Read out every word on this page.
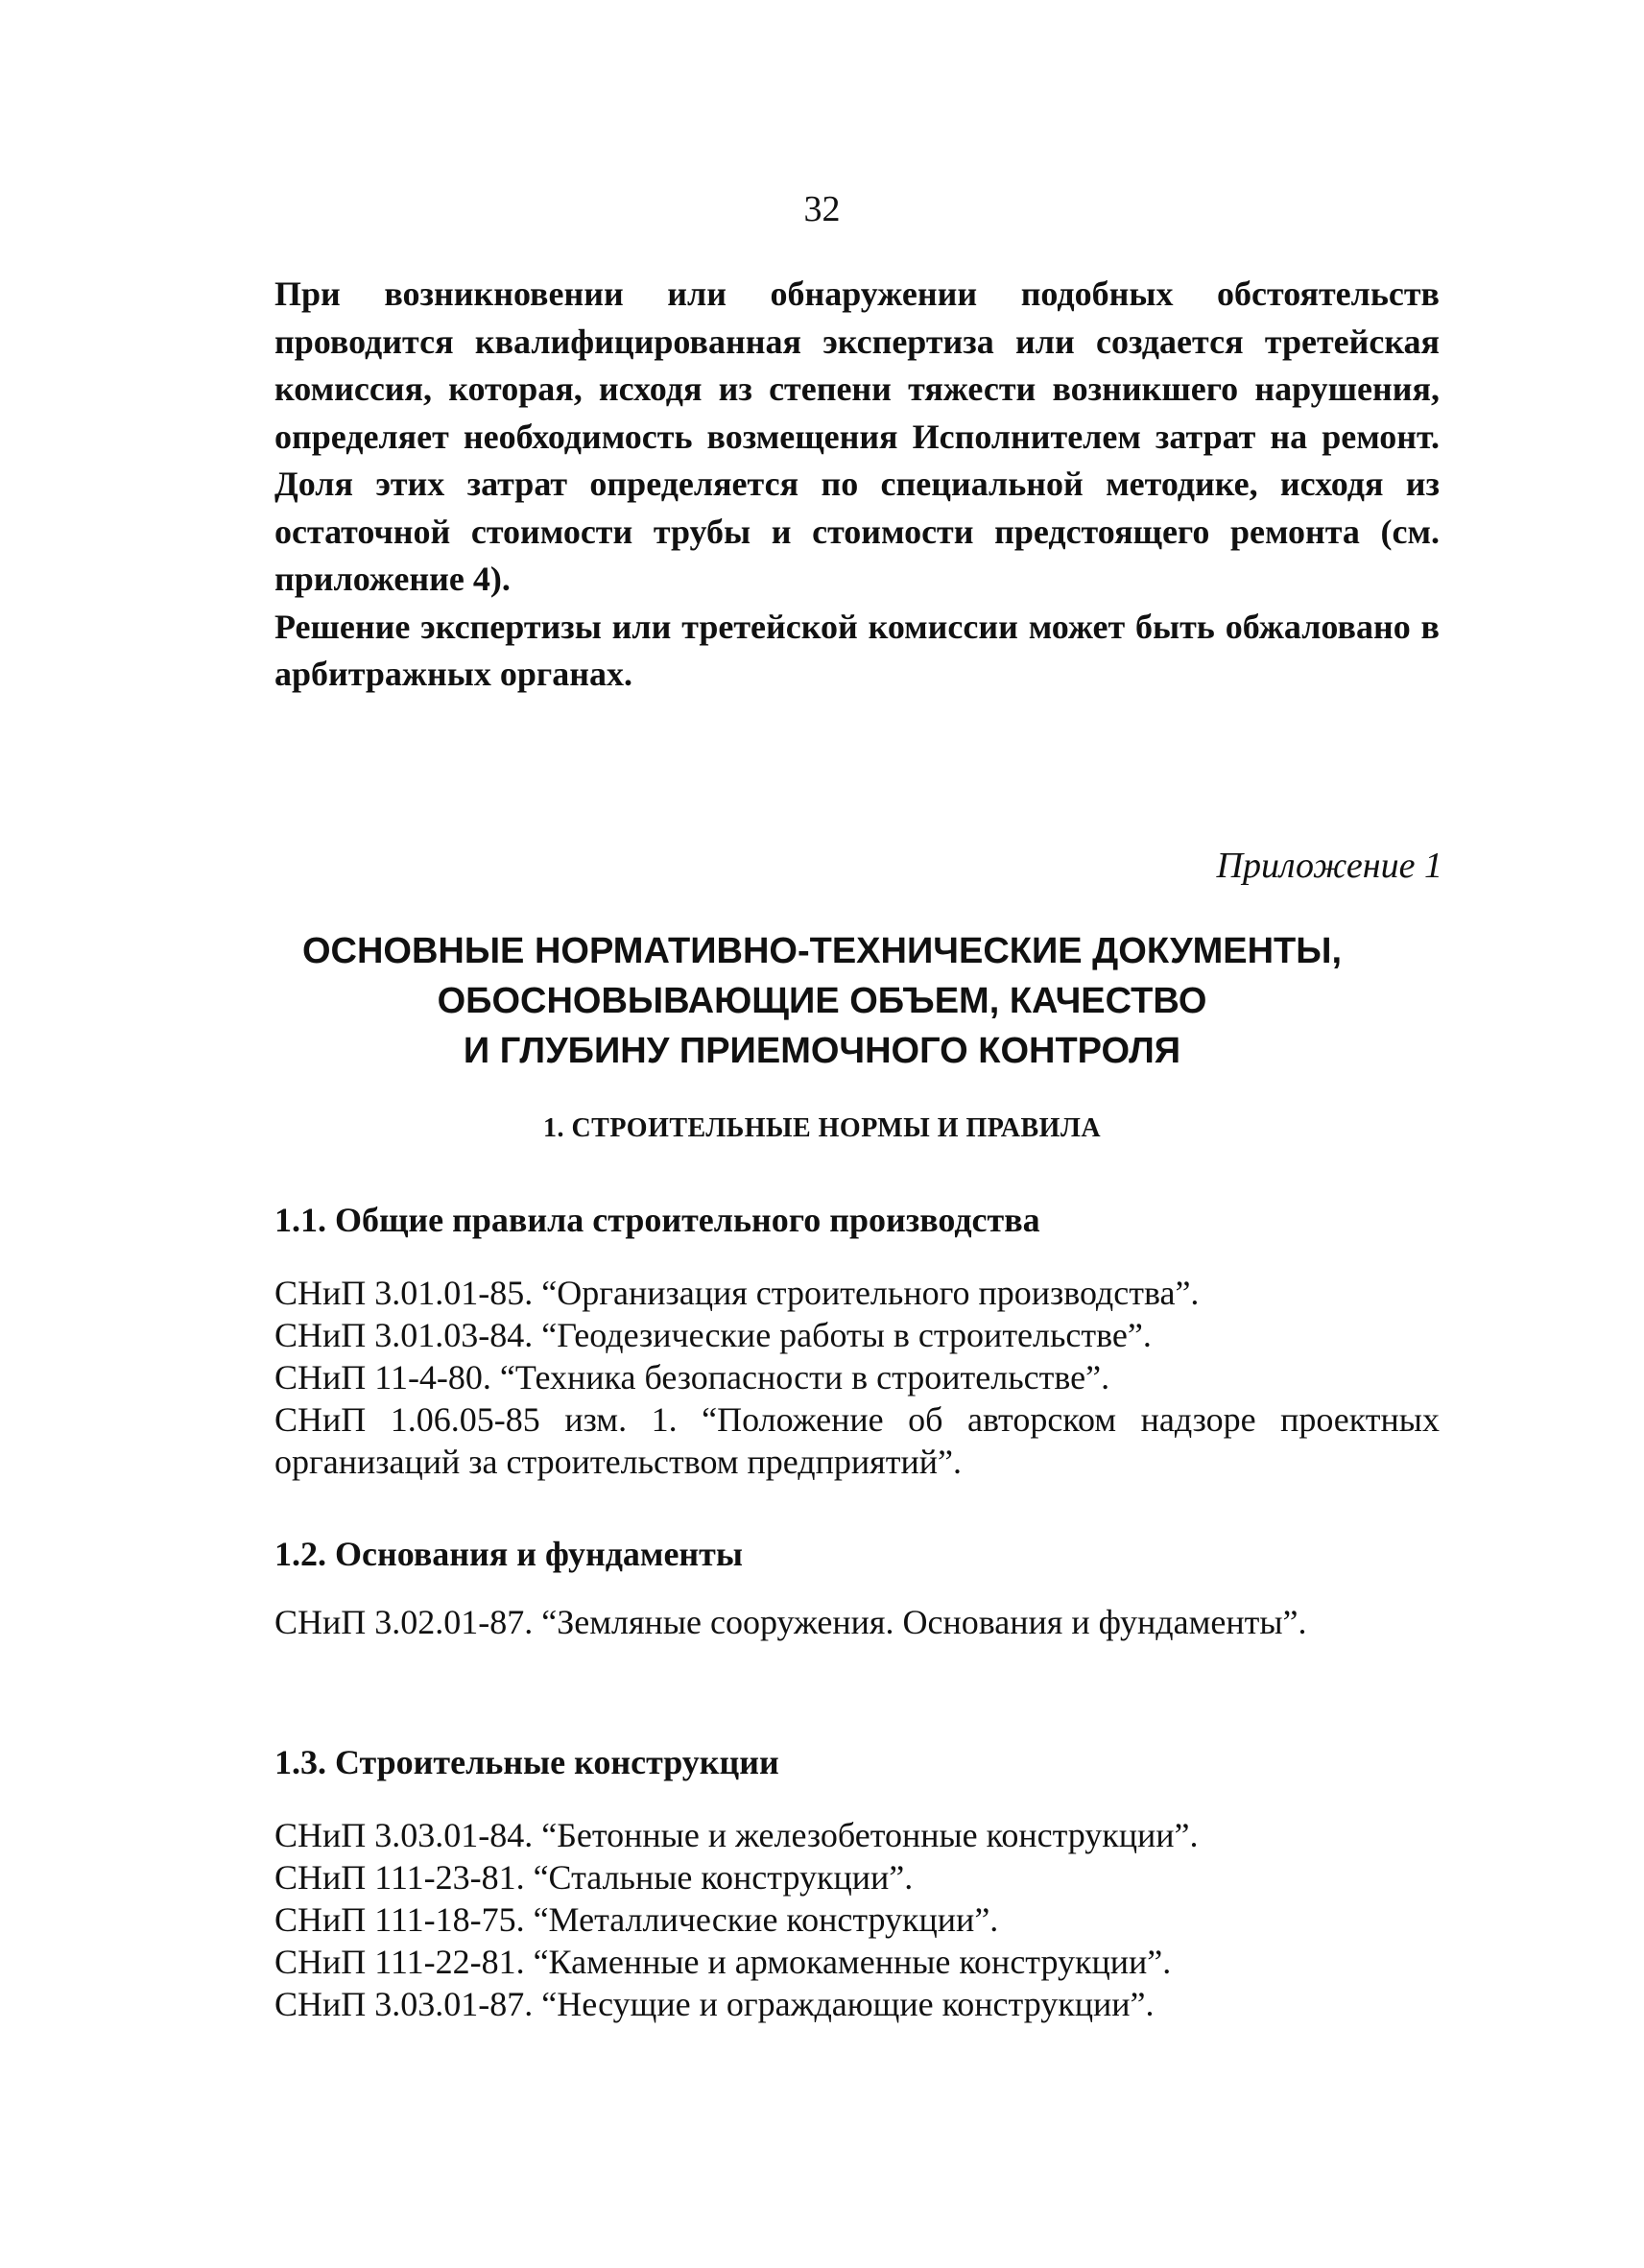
32

При возникновении или обнаружении подобных обстоятельств проводится квалифицированная экспертиза или создается третейская комиссия, которая, исходя из степени тяжести возникшего нарушения, определяет необходимость возмещения Исполнителем затрат на ремонт. Доля этих затрат определяется по специальной методике, исходя из остаточной стоимости трубы и стоимости предстоящего ремонта (см. приложение 4).

Решение экспертизы или третейской комиссии может быть обжаловано в арбитражных органах.

Приложение 1
ОСНОВНЫЕ НОРМАТИВНО-ТЕХНИЧЕСКИЕ ДОКУМЕНТЫ,
ОБОСНОВЫВАЮЩИЕ ОБЪЕМ, КАЧЕСТВО
И ГЛУБИНУ ПРИЕМОЧНОГО КОНТРОЛЯ
1. СТРОИТЕЛЬНЫЕ НОРМЫ И ПРАВИЛА
1.1. Общие правила строительного производства

СНиП 3.01.01-85. “Организация строительного производства”.

СНиП 3.01.03-84. “Геодезические работы в строительстве”.

СНиП 11-4-80. “Техника безопасности в строительстве”.

СНиП 1.06.05-85 изм. 1. “Положение об авторском надзоре проектных организаций за строительством предприятий”.

1.2. Основания и фундаменты

СНиП 3.02.01-87. “Земляные сооружения. Основания и фундаменты”.

1.3. Строительные конструкции

СНиП 3.03.01-84. “Бетонные и железобетонные конструкции”.

СНиП 111-23-81. “Стальные конструкции”.

СНиП 111-18-75. “Металлические конструкции”.

СНиП 111-22-81. “Каменные и армокаменные конструкции”.

СНиП 3.03.01-87. “Несущие и ограждающие конструкции”.
